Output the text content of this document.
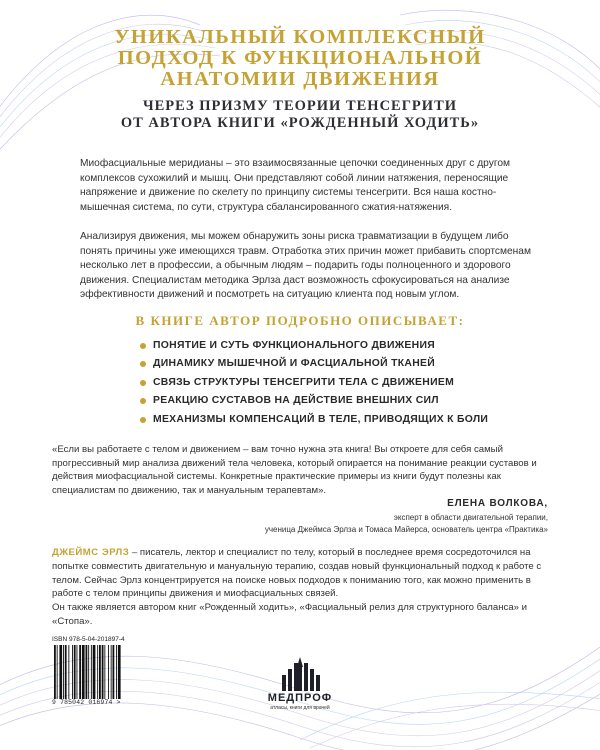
УНИКАЛЬНЫЙ КОМПЛЕКСНЫЙ
ПОДХОД К ФУНКЦИОНАЛЬНОЙ
АНАТОМИИ ДВИЖЕНИЯ
ЧЕРЕЗ ПРИЗМУ ТЕОРИИ ТЕНСЕГРИТИ
ОТ АВТОРА КНИГИ «РОЖДЕННЫЙ ХОДИТЬ»
Миофасциальные меридианы – это взаимосвязанные цепочки соединенных друг с другом комплексов сухожилий и мышц. Они представляют собой линии натяжения, переносящие напряжение и движение по скелету по принципу системы тенсегрити. Вся наша костно-мышечная система, по сути, структура сбалансированного сжатия-натяжения.
Анализируя движения, мы можем обнаружить зоны риска травматизации в будущем либо понять причины уже имеющихся травм. Отработка этих причин может прибавить спортсменам несколько лет в профессии, а обычным людям – подарить годы полноценного и здорового движения. Специалистам методика Эрлза даст возможность сфокусироваться на анализе эффективности движений и посмотреть на ситуацию клиента под новым углом.
В КНИГЕ АВТОР ПОДРОБНО ОПИСЫВАЕТ:
ПОНЯТИЕ И СУТЬ ФУНКЦИОНАЛЬНОГО ДВИЖЕНИЯ
ДИНАМИКУ МЫШЕЧНОЙ И ФАСЦИАЛЬНОЙ ТКАНЕЙ
СВЯЗЬ СТРУКТУРЫ ТЕНСЕГРИТИ ТЕЛА С ДВИЖЕНИЕМ
РЕАКЦИЮ СУСТАВОВ НА ДЕЙСТВИЕ ВНЕШНИХ СИЛ
МЕХАНИЗМЫ КОМПЕНСАЦИЙ В ТЕЛЕ, ПРИВОДЯЩИХ К БОЛИ
«Если вы работаете с телом и движением – вам точно нужна эта книга! Вы откроете для себя самый прогрессивный мир анализа движений тела человека, который опирается на понимание реакции суставов и действия миофасциальной системы. Конкретные практические примеры из книги будут полезны как специалистам по движению, так и мануальным терапевтам».
ЕЛЕНА ВОЛКОВА,
эксперт в области двигательной терапии,
ученица Джеймса Эрлза и Томаса Майерса, основатель центра «Практика»
ДЖЕЙМС ЭРЛЗ – писатель, лектор и специалист по телу, который в последнее время сосредоточился на попытке совместить двигательную и мануальную терапию, создав новый функциональный подход к работе с телом. Сейчас Эрлз концентрируется на поиске новых подходов к пониманию того, как можно применить в работе с телом принципы движения и миофасциальных связей.
Он также является автором книг «Рожденный ходить», «Фасциальный релиз для структурного баланса» и «Стопа».
ISBN 978-5-04-201897-4
9 785042 016974 >	МЕДПРОФ
атласы, книги для врачей
